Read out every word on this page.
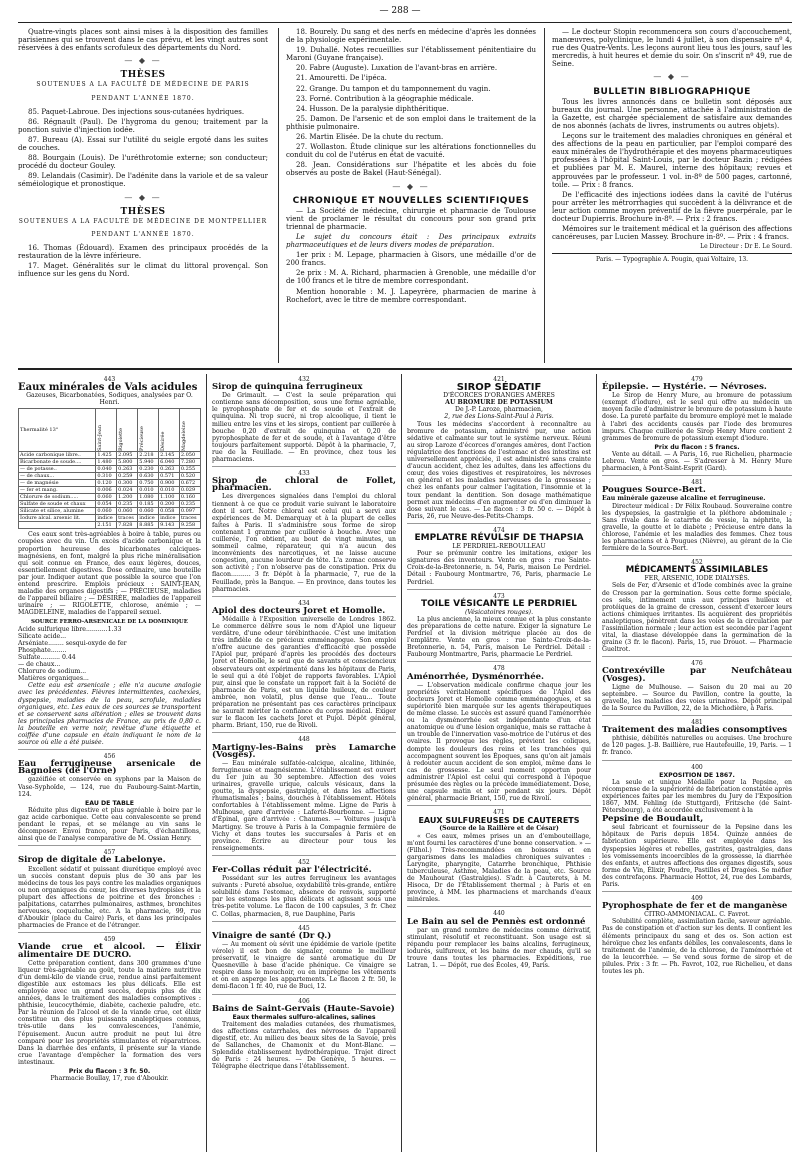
— 288 —

Quatre-vingts places sont ainsi mises à la disposition des familles parisiennes qui se trouvent dans le cas prévu, et les vingt autres sont réservées à des enfants scrofuleux des départements du Nord.

— ◆ —
THÈSES
SOUTENUES A LA FACULTÉ DE MÉDECINE DE PARIS
PENDANT L'ANNÉE 1870.

85. Paquet-Labroue. Des injections sous-cutanées hydriques.

86. Régnault (Paul). De l'hygroma du genou; traitement par la ponction suivie d'injection iodée.

87. Bureau (A). Essai sur l'utilité du seigle ergoté dans les suites de couches.

88. Bourgain (Louis). De l'uréthrotomie externe; son conducteur; procédé du docteur Gouley.

89. Lelandais (Casimir). De l'adénite dans la variole et de sa valeur séméiologique et pronostique.

— ◆ —
THÈSES
SOUTENUES A LA FACULTÉ DE MÉDECINE DE MONTPELLIER
PENDANT L'ANNÉE 1870.

16. Thomas (Édouard). Examen des principaux procédés de la restauration de la lèvre inférieure.

17. Maget. Généralités sur le climat du littoral provençal. Son influence sur les gens du Nord.

18. Bourely. Du sang et des nerfs en médecine d'après les données de la physiologie expérimentale.

19. Duhallé. Notes recueillies sur l'établissement pénitentiaire du Maroni (Guyane française).

20. Fabre (Auguste). Luxation de l'avant-bras en arrière.

21. Amouretti. De l'ipéca.

22. Grange. Du tampon et du tamponnement du vagin.

23. Forné. Contribution à la géographie médicale.

24. Husson. De la paralysie diphthéritique.

25. Damon. De l'arsenic et de son emploi dans le traitement de la phthisie pulmonaire.

26. Martin Elisée. De la chute du rectum.

27. Wollaston. Étude clinique sur les altérations fonctionnelles du conduit du col de l'utérus en état de vacuité.

28. Jean. Considérations sur l'hépatite et les abcès du foie observés au poste de Bakel (Haut-Sénégal).

— ◆ —
CHRONIQUE ET NOUVELLES SCIENTIFIQUES

— La Société de médecine, chirurgie et pharmacie de Toulouse vient de proclamer le résultat du concours pour son grand prix triennal de pharmacie.

Le sujet du concours était : Des principaux extraits pharmaceutiques et de leurs divers modes de préparation.

1er prix : M. Lepage, pharmacien à Gisors, une médaille d'or de 200 francs.

2e prix : M. A. Richard, pharmacien à Grenoble, une médaille d'or de 100 francs et le titre de membre correspondant.

Mention honorable : M. J. Lapeyrère, pharmacien de marine à Rochefort, avec le titre de membre correspondant.

— Le docteur Stopin recommencera son cours d'accouchement, manœuvres, polyclinique, le lundi 4 juillet, à son dispensaire nº 4, rue des Quatre-Vents. Les leçons auront lieu tous les jours, sauf les mercredis, à huit heures et demie du soir. On s'inscrit nº 49, rue de Seine.

— ◆ —
BULLETIN BIBLIOGRAPHIQUE

Tous les livres annoncés dans ce bulletin sont déposés aux bureaux du journal. Une personne, attachée à l'administration de la Gazette, est chargée spécialement de satisfaire aux demandes de nos abonnés (achats de livres, instruments ou autres objets).

Leçons sur le traitement des maladies chroniques en général et des affections de la peau en particulier, par l'emploi comparé des eaux minérales de l'hydrothérapie et des moyens pharmaceutiques professées à l'hôpital Saint-Louis, par le docteur Bazin ; rédigées et publiées par M. E. Maurel, interne des hôpitaux; revues et approuvées par le professeur. 1 vol. in-8º de 500 pages, cartonné, toile. — Prix : 8 francs.

De l'efficacité des injections iodées dans la cavité de l'utérus pour arrêter les métrorrhagies qui succèdent à la délivrance et de leur action comme moyen préventif de la fièvre puerpérale, par le docteur Dupierris. Brochure in-8º. — Prix : 2 francs.

Mémoires sur le traitement médical et la guérison des affections cancéreuses, par Lucien Massey. Brochure in-8º. — Prix : 4 francs.

Le Directeur : Dr E. Le Sourd.
Paris. — Typographie A. Pougin, quai Voltaire, 13.
443
Eaux minérales de Vals acidules
Gazeuses, Bicarbonatées, Sodiques, analysées par O. Henri.
Thermalité 13°	Saint-Jean	Rigolette	Précieuse	Désirée	Magdeleine

Acide carbonique libre..	1.425	2.095	2.218	2.145	2.050
Bicarbonate de soude....	1.480	5.800	5.940	6.040	7.280
— de potasse..	0.040	0.263	0.230	0.263	0.255
— de chaux...	0.310	0.259	0.630	0.571	0.520
— de magnésie	0.120	0.300	0.750	0.900	0.672
— fer et mang.	0.006	0.024	0.010	0.010	0.029
Chlorure de sodium.....	0.060	1.200	1.080	1.100	0.160
Sulfate de soude et chaux	0.054	0.235	0.185	0.200	0.235
Silicate et silice, alumine	0.060	0.060	0.060	0.058	0.097
Iodure alcal. arsenic lit.	indice	traces	indice	indice	traces
	2.151	7.828	8.885	9.143	9.258

Ces eaux sont très-agréables à boire à table, pures ou coupées avec du vin. Un excès d'acide carbonique et la proportion heureuse des bicarbonates calciques-magnésiens, en font, malgré la plus riche minéralisation qui soit connue en France, des eaux légères, douces, essentiellement digestives. Dose ordinaire, une bouteille par jour. Indiquer autant que possible la source que l'on entend prescrire. Emplois précieux : SAINT-JEAN, maladie des organes digestifs ; — PRÉCIEUSE, maladies de l'appareil biliaire ; — DÉSIRÉE, maladies de l'appareil urinaire ; — RIGOLETTE, chlorose, anémie ; — MAGDELEINE, maladies de l'appareil sexuel.

SOURCE FERRO-ARSENICALE DE LA DOMINIQUE
Acide sulfurique libre...........1.33
Silicate acide...
Arséniate........ sesqui-oxyde de fer
Phosphate........
Sulfate.......... 0.44
— de chaux...
Chlorure de sodium...
Matières organiques...

Cette eau est arsenicale ; elle n'a aucune analogie avec les précédentes. Fièvres intermittentes, cachexies, dyspepsie, maladies de la peau, scrofule, maladies organiques, etc. Les eaux de ces sources se transportent et se conservent sans altération ; elles se trouvent dans les principales pharmacies de France, au prix de 0,80 c. la bouteille en verre noir, revêtue d'une étiquette et coiffée d'une capsule en étain indiquant le nom de la source où elle a été puisée.

456
Eau ferrugineuse arsenicale de Bagnoles (de l'Orne)

gazéifiée et conservée en syphons par la Maison de Vase-Syphoïde, — 124, rue du Faubourg-Saint-Martin, 124.

EAU DE TABLE

Réduite plus digestive et plus agréable à boire par le gaz acide carbonique. Cette eau convalescente se prend pendant le repas, et se mélange au vin sans le décomposer. Envoi franco, pour Paris, d'échantillons, ainsi que de l'analyse comparative de M. Ossian Henry.

457
Sirop de digitale de Labelonye.

Excellent sédatif et puissant diurétique employé avec un succès constant depuis plus de 30 ans par les médecins de tous les pays contre les maladies organiques ou non organiques du cœur, les diverses hydropisies et la plupart des affections de poitrine et des bronches : palpitations, catarrhes pulmonaires, asthmes, bronchites nerveuses, coqueluche, etc. A la pharmacie, 99, rue d'Aboukir (place du Caire) Paris, et dans les principales pharmacies de France et de l'étranger.

459
Viande crue et alcool. — Élixir alimentaire DE DUCRO.

Cette préparation contient, dans 300 grammes d'une liqueur très-agréable au goût, toute la matière nutritive d'un demi-kilo de viande crue, rendue ainsi parfaitement digestible aux estomacs les plus délicats. Elle est employée avec un grand succès, depuis plus de dix années, dans le traitement des maladies consomptives : phthisie, leucocythémie, diabète, cachexie paludre, etc. Par la réunion de l'alcool et de la viande crue, cet élixir constitue un des plus puissants analeptiques connus, très-utile dans les convalescences, l'anémie, l'épuisement. Aucun autre produit ne peut lui être comparé pour les propriétés stimulantes et réparatrices. Dans la diarrhée des enfants, il présente sur la viande crue l'avantage d'empêcher la formation des vers intestinaux.

Prix du flacon : 3 fr. 50.
Pharmacie Boullay, 17, rue d'Aboukir.
432
Sirop de quinquina ferrugineux

De Grimault. — C'est la seule préparation qui contienne sans décomposition, sous une forme agréable, le pyrophosphate de fer et de soude et l'extrait de quinquina. Ni trop sucré, ni trop alcoolique, il tient le milieu entre les vins et les sirops, contient par cuillerée à bouche 0,20 d'extrait de quinquina et 0,20 de pyrophosphate de fer et de soude, et à l'avantage d'être toujours parfaitement supporté. Dépôt à la pharmacie, 7, rue de la Feuillade. — En province, chez tous les pharmaciens.

433
Sirop de chloral de Follet, pharmacien.

Les divergences signalées dans l'emploi du chloral tiennent à ce que ce produit varie suivant le laboratoire dont il sort. Notre chloral est celui qui a servi aux expériences de M. Demarquay et à la plupart de celles faites à Paris. Il s'administre sous forme de sirop contenant 1 gramme par cuillerée à bouche. Avec une cuillerée, l'on obtient, au bout de vingt minutes, un sommeil calme, réparateur, qui n'a aucun des inconvénients des narcotiques, et ne laisse aucune congestion, aucune lourdeur de tête. L'a zomac conserve son activité ; l'on n'observe pas de constipation. Prix du flacon.......... 3 fr. Dépôt à la pharmacie, 7, rue de la Feuillade, près la Banque. — En province, dans toutes les pharmacies.

434
Apiol des docteurs Joret et Homolle.

Médaille à l'Exposition universelle de Londres 1862. Le commerce délivre sous le nom d'Apiol une liqueur verdâtre, d'une odeur térébinthacée. C'est une imitation très infidèle de ce précieux emménagogue. Son emploi n'offre aucune des garanties d'efficacité que possède l'Apiol pur, préparé d'après les procédés des docteurs Joret et Homolle, le seul que de savants et consciencieux observateurs ont expérimenté dans les hôpitaux de Paris, le seul qui a été l'objet de rapports favorables. L'Apiol pur, ainsi que le constate un rapport fait à la Société de pharmacie de Paris, est un liquide huileux, de couleur ambrée, non volatil, plus dense que l'eau... Toute préparation ne présentant pas ces caractères principaux ne saurait mériter la confiance du corps médical. Exiger sur le flacon les cachets Joret et Pujol. Dépôt général, pharm. Briant, 150, rue de Rivoli.

448
Martigny-les-Bains près Lamarche (Vosges).

— Eau minérale sulfatée-calcique, alcaline, lithinée, ferrugineuse et magnésienne. L'établissement est ouvert du 1er juin au 30 septembre. Affection des voies urinaires, gravelle urique, calculs vésicaux, dans la goutte, la dyspepsie, gastralgie, et dans les affections rhumatismales ; bains, douches à l'établissement. Hôtels confortables à l'établissement même. Ligne de Paris à Mulhouse, gare d'arrivée : Laferté-Bourbonne. — Ligne d'Épinal, gare d'arrivée : Chaumes. — Voitures jusqu'à Martigny. Se trouve à Paris à la Compagnie fermière de Vichy et dans toutes les succursales à Paris et en province. Écrire au directeur pour tous les renseignements.

452
Fer-Collas réduit par l'électricité.

Possédant sur les autres ferrugineux les avantages suivants : Pureté absolue, oxydabilité très-grande, entière solubilité dans l'estomac, absence de renvois, supporté par les estomacs les plus délicats et agissant sous une très-petite volume. Le flacon de 100 capsules, 3 fr. Chez C. Collas, pharmacien, 8, rue Dauphine, Paris

445
Vinaigre de santé (Dr Q.)

— Au moment où sévit une épidémie de variole (petite vérole) il est bon de signaler, comme le meilleur préservatif, le vinaigre de santé aromatique du Dr Quesneville à base d'acide phénique. Ce vinaigre se respire dans le mouchoir, ou en imprègne les vêtements et on en asperge les appartements. Le flacon 2 fr. 50, le demi-flacon 1 fr. 40, rue de Buci, 12.

406
Bains de Saint-Gervais (Haute-Savoie)
Eaux thermales sulfuro-alcalines, salines

Traitement des maladies cutanées, des rhumatismes, des affections catarrhales, des névroses de l'appareil digestif, etc. Au milieu des beaux sites de la Savoie, près de Sallanches, de Chamonix et du Mont-Blanc. — Splendide établissement hydrothérapique. Trajet direct de Paris : 24 heures. — De Genève, 5 heures. — Télégraphe électrique dans l'établissement.

421
SIROP SÉDATIF
D'ÉCORCES D'ORANGES AMÈRES
AU BROMURE DE POTASSIUM
De J.-P. Laroze, pharmacien,
2, rue des Lions-Saint-Paul à Paris.

Tous les médecins s'accordent à reconnaître au bromure de potassium, administré pur, une action sédative et calmante sur tout le système nerveux. Réuni au sirop Laroze d'écorces d'oranges amères, dont l'action régulatrice des fonctions de l'estomac et des intestins est universellement appréciée, il est administré sans crainte d'aucun accident, chez les adultes, dans les affections du cœur, des voies digestives et respiratoires, les névroses en général et les maladies nerveuses de la grossesse ; chez les enfants pour calmer l'agitation, l'insomnie et la toux pendant la dentition. Son dosage mathématique permet aux médecins d'en augmenter ou d'en diminuer la dose suivant le cas. — Le flacon : 3 fr. 50 c. — Dépôt à Paris, 26, rue Neuve-des-Petits-Champs.

474
EMPLATRE RÉVULSIF DE THAPSIA
LE PERDRIEL-REBOULLEAU

Pour se prémunir contre les imitations, exiger les signatures des inventeurs. Vente en gros : rue Sainte-Croix-de-la-Bretonnerie, n. 54, Paris, maison Le Perdriel. Détail : Faubourg Montmartre, 76, Paris, pharmacie Le Perdriel.

473
TOILE VÉSICANTE LE PERDRIEL
(Vésicatoires rouges).

La plus ancienne, la mieux connue et la plus constante des préparations de cette nature. Exiger la signature Le Perdriel et la division métrique placée au dos de l'emplâtre. Vente en gros : rue Sainte-Croix-de-la-Bretonnerie, n. 54, Paris, maison Le Perdriel. Détail : Faubourg Montmartre, Paris, pharmacie Le Perdriel.

478
Aménorrhée, Dysménorrhée.

— L'observation médicale confirme chaque jour les propriétés véritablement spécifiques de l'Apiol des docteurs Joret et Homolle comme emménagogues, et sa supériorité bien marquée sur les agents thérapeutiques de même classe. Le succès est assuré quand l'aménorrhée ou la dysménorrhée est indépendante d'un état anatomique ou d'une lésion organique, mais se rattache à un trouble de l'innervation vaso-motrice de l'utérus et des ovaires. Il provoque les règles, prévient les coliques, dompte les douleurs des reins et les tranchées qui accompagnent souvent les Époques, sans qu'on ait jamais à redouter aucun accident de son emploi, même dans le cas de grossesse. Le seul moment opportun pour administrer l'Apiol est celui qui correspond à l'époque présumée des règles ou la précède immédiatement. Dose, une capsule matin et soir pendant six jours. Dépôt général, pharmacie Briant, 150, rue de Rivoli.

471
EAUX SULFUREUSES DE CAUTERETS
(Source de la Raillère et de César)

« Ces eaux, mêmes prises un an d'embouteillage, m'ont fourni les caractères d'une bonne conservation. » — (Filhol.) Très-recommandées en boissons et en gargarismes dans les maladies chroniques suivantes : Laryngite, pharyngite, Catarrhe bronchique, Phthisie tuberculeuse, Asthme, Maladies de la peau, etc. Source de Mauhourat (Gastralgies). S'adr. à Cauterets, à M. Hisoca, Dr de l'Établissement thermal ; à Paris et en province, à MM. les pharmaciens et marchands d'eaux minérales.

440
Le Bain au sel de Pennès est ordonné

par un grand nombre de médecins comme dérivatif, stimulant, résolutif et reconstituant. Son usage est si répandu pour remplacer les bains alcalins, ferrugineux, iodurés, sulfureux, et les bains de mer chauds, qu'il se trouve dans toutes les pharmacies. Expéditions, rue Latran, 1. — Dépôt, rue des Écoles, 49, Paris.

479
Épilepsie. — Hystérie. — Névroses.

Le Sirop de Henry Mure, au bromure de potassium (exempt d'iodure), est le seul qui offre au médecin un moyen facile d'administrer le bromure de potassium à haute dose. La pureté parfaite du bromure employé met le malade à l'abri des accidents causés par l'iode des bromures impurs. Chaque cuillerée de Sirop Henry Mure contient 2 grammes de bromure de potassium exempt d'iodure.

Prix du flacon : 5 francs.

Vente au détail. — A Paris, 16, rue Richelieu, pharmacie Lebrou. Vente en gros. — S'adresser à M. Henry Mure pharmacien, à Pont-Saint-Esprit (Gard).

481
Pougues Source-Bert.
Eau minérale gazeuse alcaline et ferrugineuse.

Directeur médical : Dr Félix Roubaud. Souveraine contre les dyspepsies, la gastralgie et la pléthore abdominale ; Sans rivale dans le catarrhe de vessie, la néphrite, la gravelle, la goutte et le diabète ; Précieuse entre dans la chlorose, l'anémie et les maladies des femmes. Chez tous les pharmaciens et à Pougues (Nièvre), au gérant de la Cie fermière de la Source-Bert.

452
MÉDICAMENTS ASSIMILABLES
FER, ARSENIC, IODE DIALYSÉS.

Sels de Fer, d'Arsenic et d'Iode combinés avec la graine de Cresson par la germination. Sous cette forme spéciale, ces sels, intimement unis aux principes huileux et protéiques de la graine de cresson, cessent d'exercer leurs actions chimiques irritantes. Ils acquièrent des propriétés analeptiques, pénètrent dans les voies de la circulation par l'assimilation normale ; leur action est secondée par l'agent vital, la diastase développée dans la germination de la graine (3 fr. le flacon). Paris, 15, rue Drouot. — Pharmacie Gueltrot.

476
Contrexéville par Neufchâteau (Vosges).

Ligne de Mulhouse. — Saison du 20 mai au 20 septembre. — Source du Pavillon, contre la goutte, la gravelle, les maladies des voies urinaires. Dépôt principal de la Source du Pavillon, 22, de la Michodière, à Paris.

481
Traitement des maladies consomptives

phthisie, débilités naturelles ou acquises. Une brochure de 120 pages. J.-B. Baillière, rue Hautefeuille, 19, Paris. — 1 fr. franco.

400
EXPOSITION DE 1867.

La seule et unique Médaille pour la Pepsine, en récompense de la supériorité de fabrication constatée après expériences faites par les membres du Jury de l'Exposition 1867, MM. Fehling (de Stuttgard), Fritzsche (de Saint-Pétersbourg), a été accordée exclusivement à la

Pepsine de Boudault,

seul fabricant et fournisseur de la Pepsine dans les hôpitaux de Paris depuis 1854. Quinze années de fabrication supérieure. Elle est employée dans les dyspepsies légères et rebelles, gastrites, gastralgies, dans les vomissements incoercibles de la grossesse, la diarrhée des enfants, et autres affections des organes digestifs, sous forme de Vin, Élixir, Poudre, Pastilles et Dragées. Se méfier des contrefaçons. Pharmacie Hottot, 24, rue des Lombards, Paris.

409
Pyrophosphate de fer et de manganèse
CITRO-AMMONIACAL. C. Favrot.

Solubilité complète, assimilation facile, saveur agréable. Pas de constipation et d'action sur les dents. Il contient les éléments principaux du sang et des os. Son action est héroïque chez les enfants débiles, les convalescents, dans le traitement de l'anémie, de la chlorose, de l'aménorrhée et de la leucorrhée. — Se vend sous forme de sirop et de pilules. Prix : 3 fr. — Ph. Favrot, 102, rue Richelieu, et dans toutes les ph.
